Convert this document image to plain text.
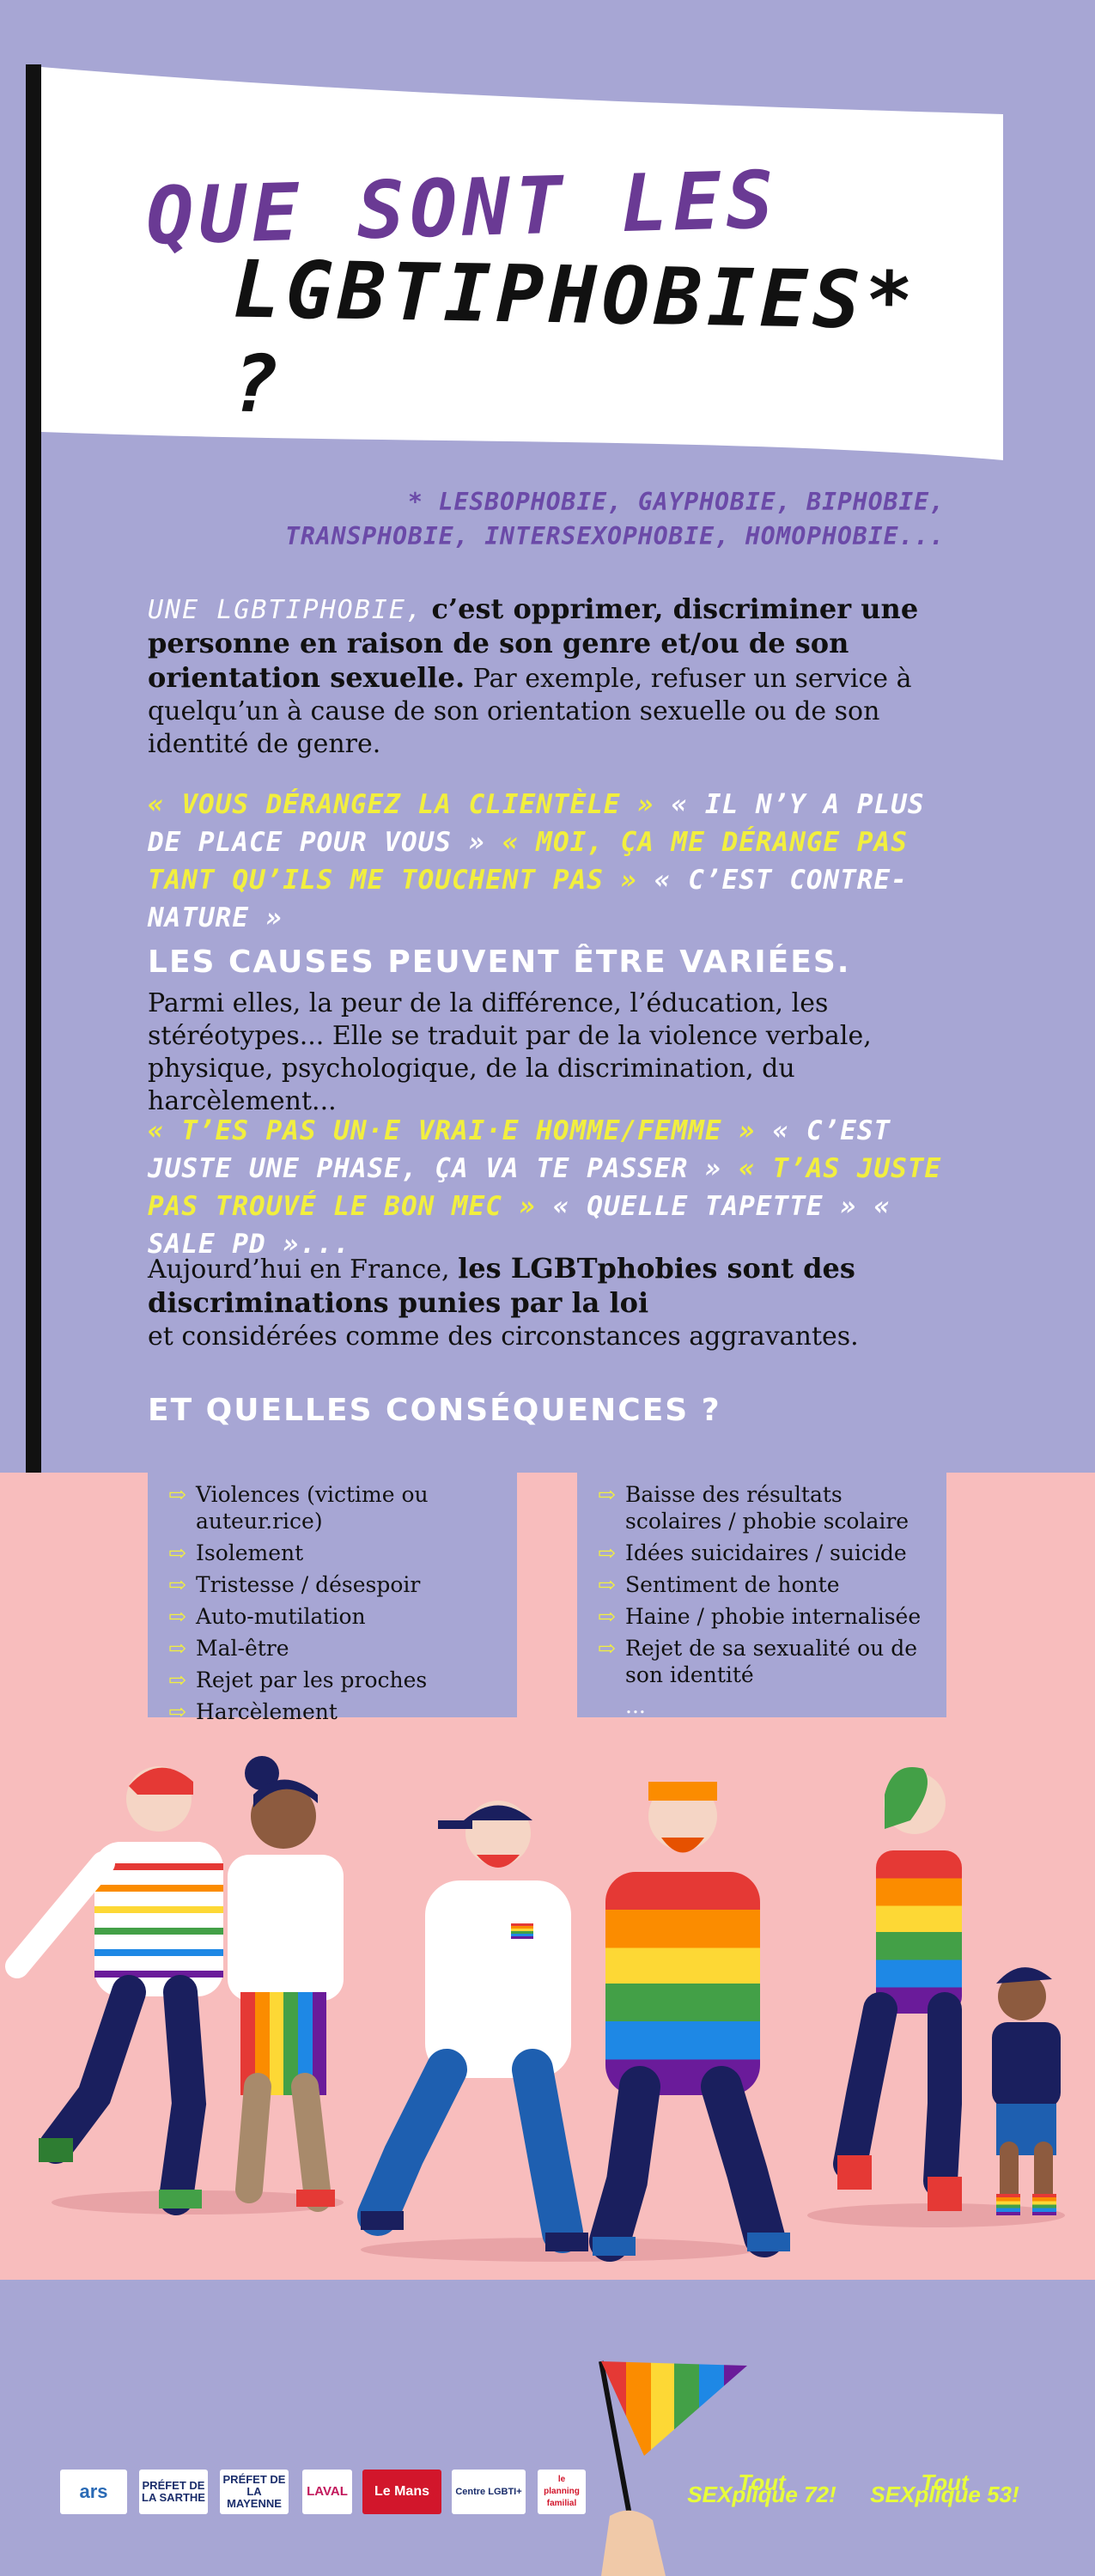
QUE SONT LES
LGBTIPHOBIES* ?
* LESBOPHOBIE, GAYPHOBIE, BIPHOBIE,
TRANSPHOBIE, INTERSEXOPHOBIE, HOMOPHOBIE...
UNE LGBTIPHOBIE, c’est opprimer, discriminer une personne en raison de son genre et/ou de son orientation sexuelle. Par exemple, refuser un service à quelqu’un à cause de son orientation sexuelle ou de son identité de genre.
« VOUS DÉRANGEZ LA CLIENTÈLE » « IL N’Y A PLUS DE PLACE POUR VOUS » « MOI, ÇA ME DÉRANGE PAS TANT QU’ILS ME TOUCHENT PAS » « C’EST CONTRE-NATURE »
LES CAUSES PEUVENT ÊTRE VARIÉES.
Parmi elles, la peur de la différence, l’éducation, les stéréotypes... Elle se traduit par de la violence verbale, physique, psychologique, de la discrimination, du harcèlement...
« T’ES PAS UN·E VRAI·E HOMME/FEMME » « C’EST JUSTE UNE PHASE, ÇA VA TE PASSER » « T’AS JUSTE PAS TROUVÉ LE BON MEC » « QUELLE TAPETTE » « SALE PD »...
Aujourd’hui en France, les LGBTphobies sont des discriminations punies par la loi
et considérées comme des circonstances aggravantes.
ET QUELLES CONSÉQUENCES ?
⇨ Violences (victime ou auteur.rice)
⇨ Isolement
⇨ Tristesse / désespoir
⇨ Auto-mutilation
⇨ Mal-être
⇨ Rejet par les proches
⇨ Harcèlement
⇨ Baisse des résultats scolaires / phobie scolaire
⇨ Idées suicidaires / suicide
⇨ Sentiment de honte
⇨ Haine / phobie internalisée
⇨ Rejet de sa sexualité ou de son identité
...
ars	PRÉFET DE LA SARTHE
PRÉFET DE LA MAYENNE
LAVAL	Le Mans	Centre LGBTI+
le planning familial
Tout SEXplique 72!	Tout SEXplique 53!
